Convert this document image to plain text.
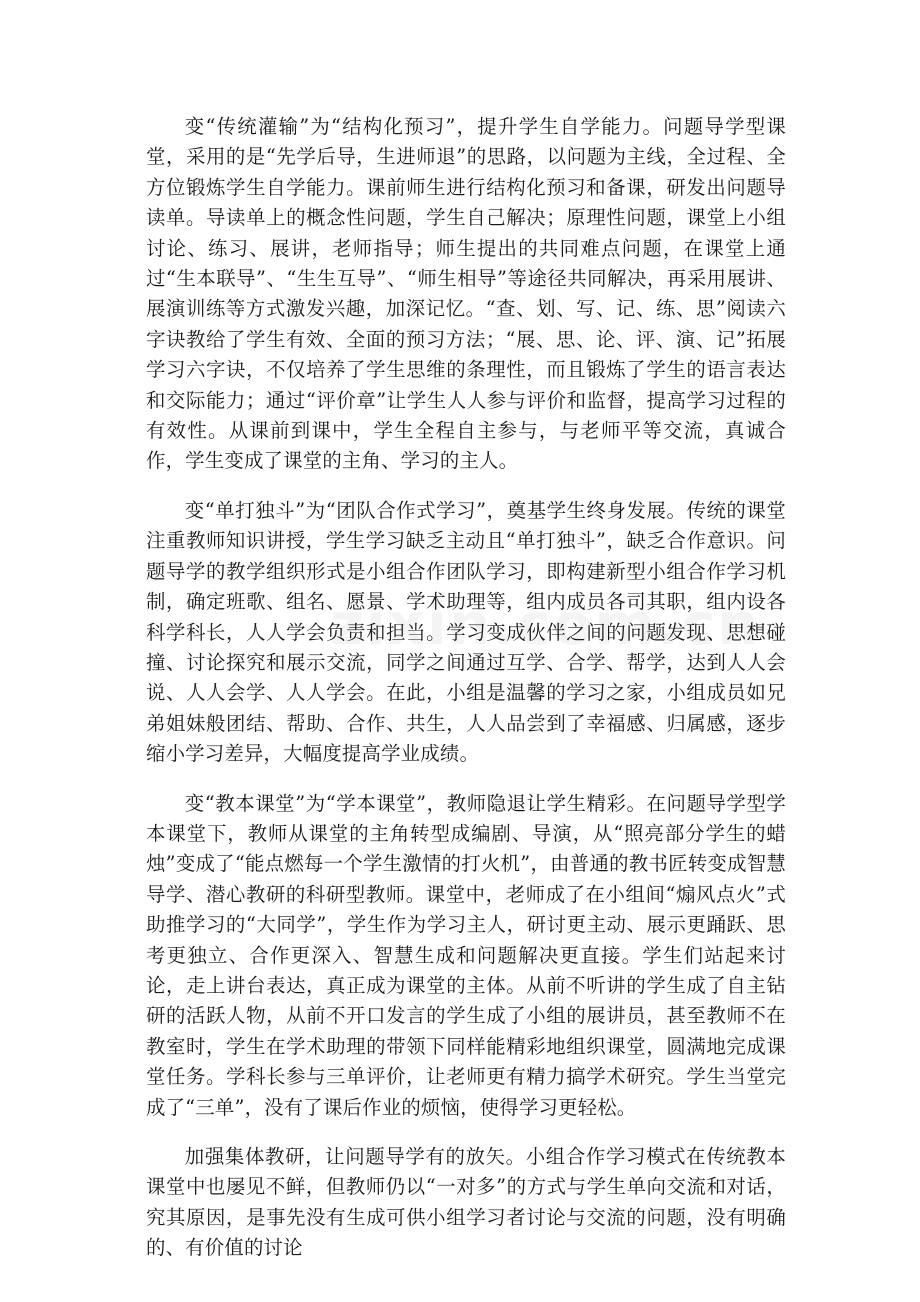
变“传统灌输”为“结构化预习”，提升学生自学能力。问题导学型课堂，采用的是“先学后导，生进师退”的思路，以问题为主线，全过程、全方位锻炼学生自学能力。课前师生进行结构化预习和备课，研发出问题导读单。导读单上的概念性问题，学生自己解决；原理性问题，课堂上小组讨论、练习、展讲，老师指导；师生提出的共同难点问题，在课堂上通过“生本联导”、“生生互导”、“师生相导”等途径共同解决，再采用展讲、展演训练等方式激发兴趣，加深记忆。“查、划、写、记、练、思”阅读六字诀教给了学生有效、全面的预习方法；“展、思、论、评、演、记”拓展学习六字诀，不仅培养了学生思维的条理性，而且锻炼了学生的语言表达和交际能力；通过“评价章”让学生人人参与评价和监督，提高学习过程的有效性。从课前到课中，学生全程自主参与，与老师平等交流，真诚合作，学生变成了课堂的主角、学习的主人。

变“单打独斗”为“团队合作式学习”，奠基学生终身发展。传统的课堂注重教师知识讲授，学生学习缺乏主动且“单打独斗”，缺乏合作意识。问题导学的教学组织形式是小组合作团队学习，即构建新型小组合作学习机制，确定班歌、组名、愿景、学术助理等，组内成员各司其职，组内设各科学科长，人人学会负责和担当。学习变成伙伴之间的问题发现、思想碰撞、讨论探究和展示交流，同学之间通过互学、合学、帮学，达到人人会说、人人会学、人人学会。在此，小组是温馨的学习之家，小组成员如兄弟姐妹般团结、帮助、合作、共生，人人品尝到了幸福感、归属感，逐步缩小学习差异，大幅度提高学业成绩。

变“教本课堂”为“学本课堂”，教师隐退让学生精彩。在问题导学型学本课堂下，教师从课堂的主角转型成编剧、导演，从“照亮部分学生的蜡烛”变成了“能点燃每一个学生激情的打火机”，由普通的教书匠转变成智慧导学、潜心教研的科研型教师。课堂中，老师成了在小组间“煽风点火”式助推学习的“大同学”，学生作为学习主人，研讨更主动、展示更踊跃、思考更独立、合作更深入、智慧生成和问题解决更直接。学生们站起来讨论，走上讲台表达，真正成为课堂的主体。从前不听讲的学生成了自主钻研的活跃人物，从前不开口发言的学生成了小组的展讲员，甚至教师不在教室时，学生在学术助理的带领下同样能精彩地组织课堂，圆满地完成课堂任务。学科长参与三单评价，让老师更有精力搞学术研究。学生当堂完成了“三单”，没有了课后作业的烦恼，使得学习更轻松。

加强集体教研，让问题导学有的放矢。小组合作学习模式在传统教本课堂中也屡见不鲜，但教师仍以“一对多”的方式与学生单向交流和对话，究其原因，是事先没有生成可供小组学习者讨论与交流的问题，没有明确的、有价值的讨论
